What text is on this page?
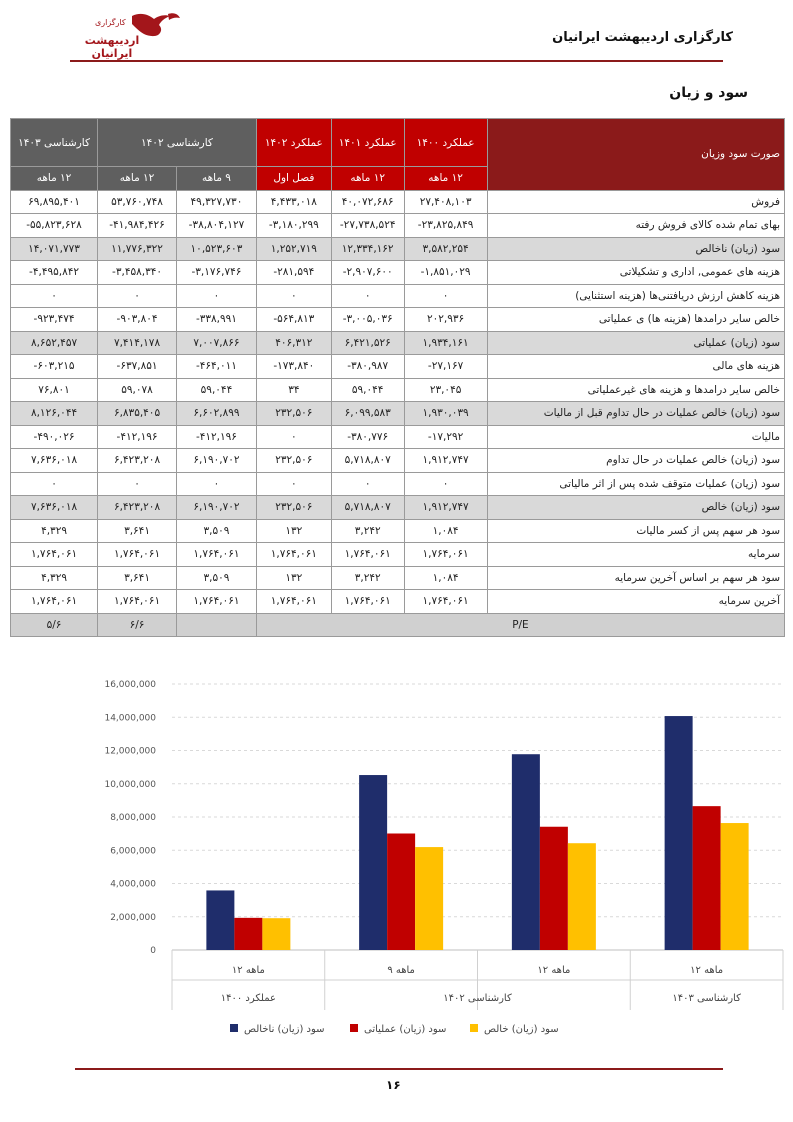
کارگزاری
اردیبهشت ایرانیان
کارگزاری اردیبهشت ایرانیان
سود و زیان
صورت سود وزیان	عملکرد ۱۴۰۰	عملکرد ۱۴۰۱	عملکرد ۱۴۰۲	کارشناسی ۱۴۰۲		کارشناسی ۱۴۰۳
	۱۲ ماهه	۱۲ ماهه	فصل اول	۹ ماهه	۱۲ ماهه	۱۲ ماهه
فروش	۲۷,۴۰۸,۱۰۳	۴۰,۰۷۲,۶۸۶	۴,۴۳۳,۰۱۸	۴۹,۳۲۷,۷۳۰	۵۳,۷۶۰,۷۴۸	۶۹,۸۹۵,۴۰۱
بهای تمام شده کالای فروش رفته	-۲۳,۸۲۵,۸۴۹	-۲۷,۷۳۸,۵۲۴	-۳,۱۸۰,۲۹۹	-۳۸,۸۰۴,۱۲۷	-۴۱,۹۸۴,۴۲۶	-۵۵,۸۲۳,۶۲۸
سود (زیان) ناخالص	۳,۵۸۲,۲۵۴	۱۲,۳۳۴,۱۶۲	۱,۲۵۲,۷۱۹	۱۰,۵۲۳,۶۰۳	۱۱,۷۷۶,۳۲۲	۱۴,۰۷۱,۷۷۳
هزینه های عمومی, اداری و تشکیلاتی	-۱,۸۵۱,۰۲۹	-۲,۹۰۷,۶۰۰	-۲۸۱,۵۹۴	-۳,۱۷۶,۷۴۶	-۳,۴۵۸,۳۴۰	-۴,۴۹۵,۸۴۲
هزینه کاهش ارزش دریافتنی‌ها (هزینه استثنایی)	۰	۰	۰	۰	۰	۰
خالص سایر درامدها (هزینه ها) ی عملیاتی	۲۰۲,۹۳۶	-۳,۰۰۵,۰۳۶	-۵۶۴,۸۱۳	-۳۳۸,۹۹۱	-۹۰۳,۸۰۴	-۹۲۳,۴۷۴
سود (زیان) عملیاتی	۱,۹۳۴,۱۶۱	۶,۴۲۱,۵۲۶	۴۰۶,۳۱۲	۷,۰۰۷,۸۶۶	۷,۴۱۴,۱۷۸	۸,۶۵۲,۴۵۷
هزینه های مالی	-۲۷,۱۶۷	-۳۸۰,۹۸۷	-۱۷۳,۸۴۰	-۴۶۴,۰۱۱	-۶۳۷,۸۵۱	-۶۰۳,۲۱۵
خالص سایر درامدها و هزینه های غیرعملیاتی	۲۳,۰۴۵	۵۹,۰۴۴	۳۴	۵۹,۰۴۴	۵۹,۰۷۸	۷۶,۸۰۱
سود (زیان) خالص عملیات در حال تداوم قبل از مالیات	۱,۹۳۰,۰۳۹	۶,۰۹۹,۵۸۳	۲۳۲,۵۰۶	۶,۶۰۲,۸۹۹	۶,۸۳۵,۴۰۵	۸,۱۲۶,۰۴۴
مالیات	-۱۷,۲۹۲	-۳۸۰,۷۷۶	۰	-۴۱۲,۱۹۶	-۴۱۲,۱۹۶	-۴۹۰,۰۲۶
سود (زیان) خالص عملیات در حال تداوم	۱,۹۱۲,۷۴۷	۵,۷۱۸,۸۰۷	۲۳۲,۵۰۶	۶,۱۹۰,۷۰۲	۶,۴۲۳,۲۰۸	۷,۶۳۶,۰۱۸
سود (زیان) عملیات متوقف شده پس از اثر مالیاتی	۰	۰	۰	۰	۰	۰
سود (زیان) خالص	۱,۹۱۲,۷۴۷	۵,۷۱۸,۸۰۷	۲۳۲,۵۰۶	۶,۱۹۰,۷۰۲	۶,۴۲۳,۲۰۸	۷,۶۳۶,۰۱۸
سود هر سهم پس از کسر مالیات	۱,۰۸۴	۳,۲۴۲	۱۳۲	۳,۵۰۹	۳,۶۴۱	۴,۳۲۹
سرمایه	۱,۷۶۴,۰۶۱	۱,۷۶۴,۰۶۱	۱,۷۶۴,۰۶۱	۱,۷۶۴,۰۶۱	۱,۷۶۴,۰۶۱	۱,۷۶۴,۰۶۱
سود هر سهم بر اساس آخرین سرمایه	۱,۰۸۴	۳,۲۴۲	۱۳۲	۳,۵۰۹	۳,۶۴۱	۴,۳۲۹
آخرین سرمایه	۱,۷۶۴,۰۶۱	۱,۷۶۴,۰۶۱	۱,۷۶۴,۰۶۱	۱,۷۶۴,۰۶۱	۱,۷۶۴,۰۶۱	۱,۷۶۴,۰۶۱
P/E					۶/۶	۵/۶
0
2,000,000
4,000,000
6,000,000
8,000,000
10,000,000
12,000,000
14,000,000
16,000,000
۱۲ ماهه	۹ ماهه	۱۲ ماهه	۱۲ ماهه
عملکرد ۱۴۰۰	کارشناسی ۱۴۰۲	کارشناسی ۱۴۰۳
سود (زیان) ناخالص	سود (زیان) عملیاتی	سود (زیان) خالص
۱۶
